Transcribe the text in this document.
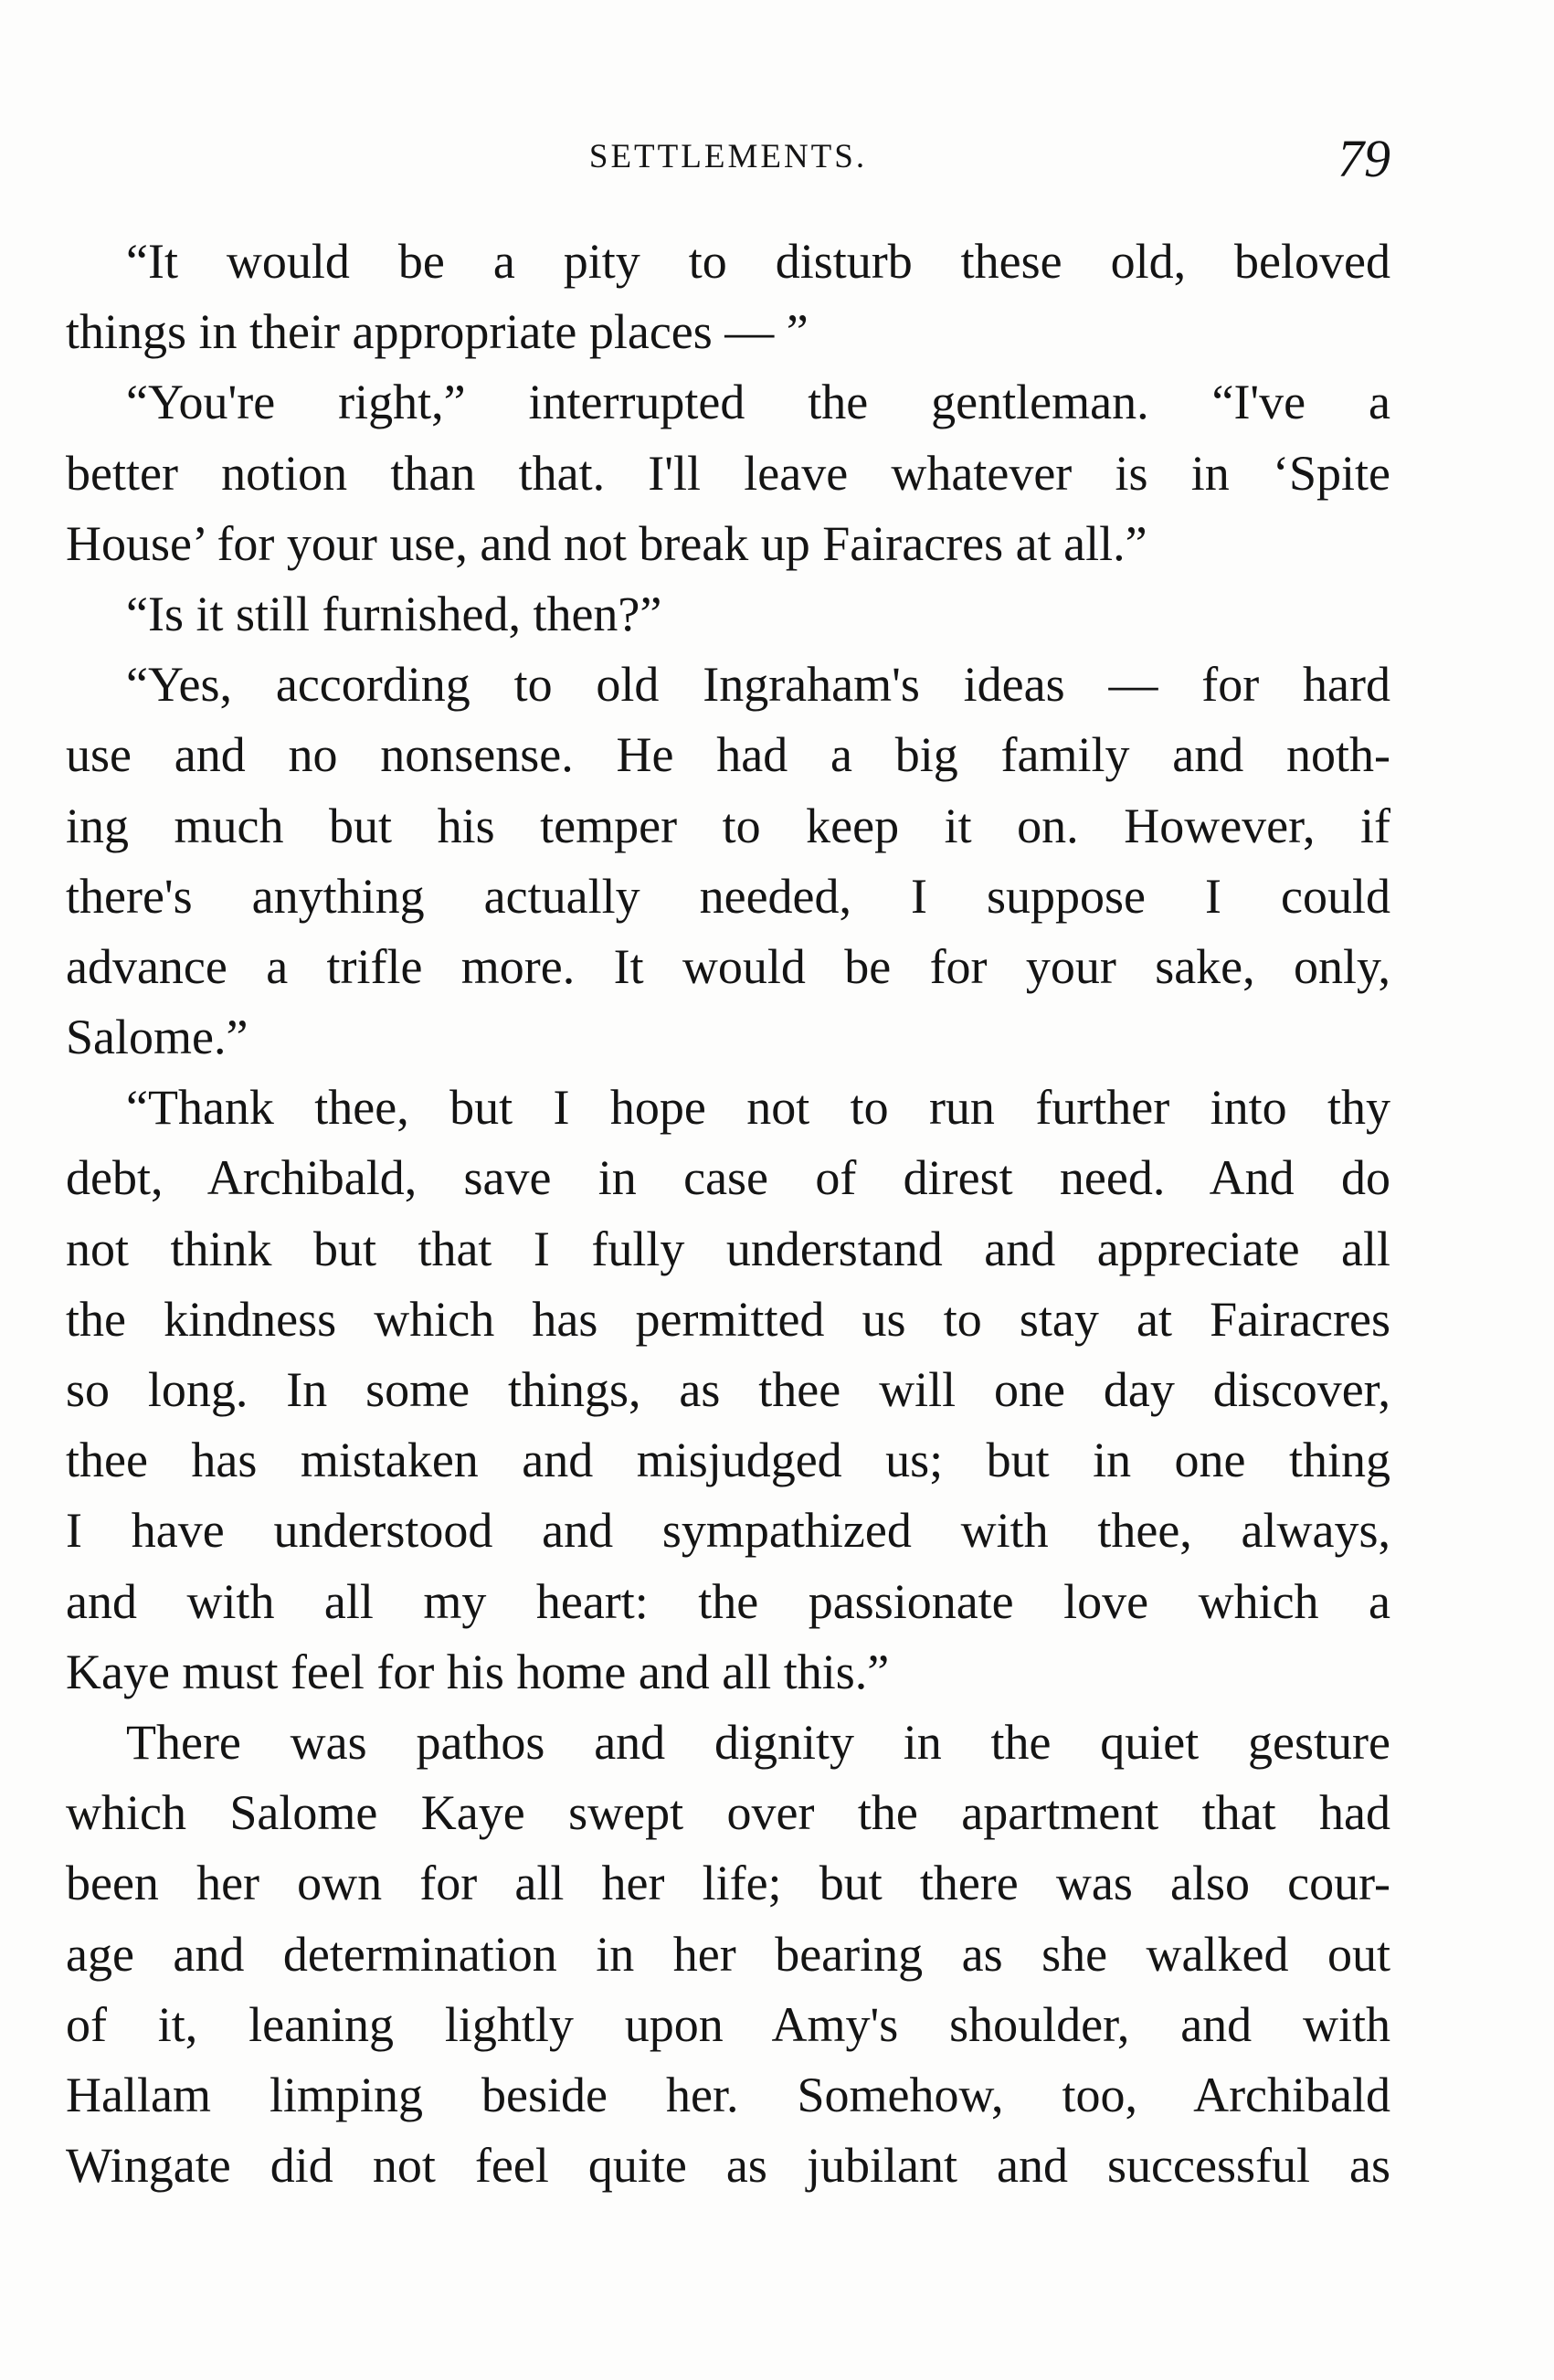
SETTLEMENTS.	79
“It would be a pity to disturb these old, beloved
things in their appropriate places — ”
“You're right,” interrupted the gentleman. “I've a
better notion than that. I'll leave whatever is in ‘Spite
House’ for your use, and not break up Fairacres at all.”
“Is it still furnished, then?”
“Yes, according to old Ingraham's ideas — for hard
use and no nonsense. He had a big family and noth-
ing much but his temper to keep it on. However, if
there's anything actually needed, I suppose I could
advance a trifle more. It would be for your sake, only,
Salome.”
“Thank thee, but I hope not to run further into thy
debt, Archibald, save in case of direst need. And do
not think but that I fully understand and appreciate all
the kindness which has permitted us to stay at Fairacres
so long. In some things, as thee will one day discover,
thee has mistaken and misjudged us; but in one thing
I have understood and sympathized with thee, always,
and with all my heart: the passionate love which a
Kaye must feel for his home and all this.”
There was pathos and dignity in the quiet gesture
which Salome Kaye swept over the apartment that had
been her own for all her life; but there was also cour-
age and determination in her bearing as she walked out
of it, leaning lightly upon Amy's shoulder, and with
Hallam limping beside her. Somehow, too, Archibald
Wingate did not feel quite as jubilant and successful as
